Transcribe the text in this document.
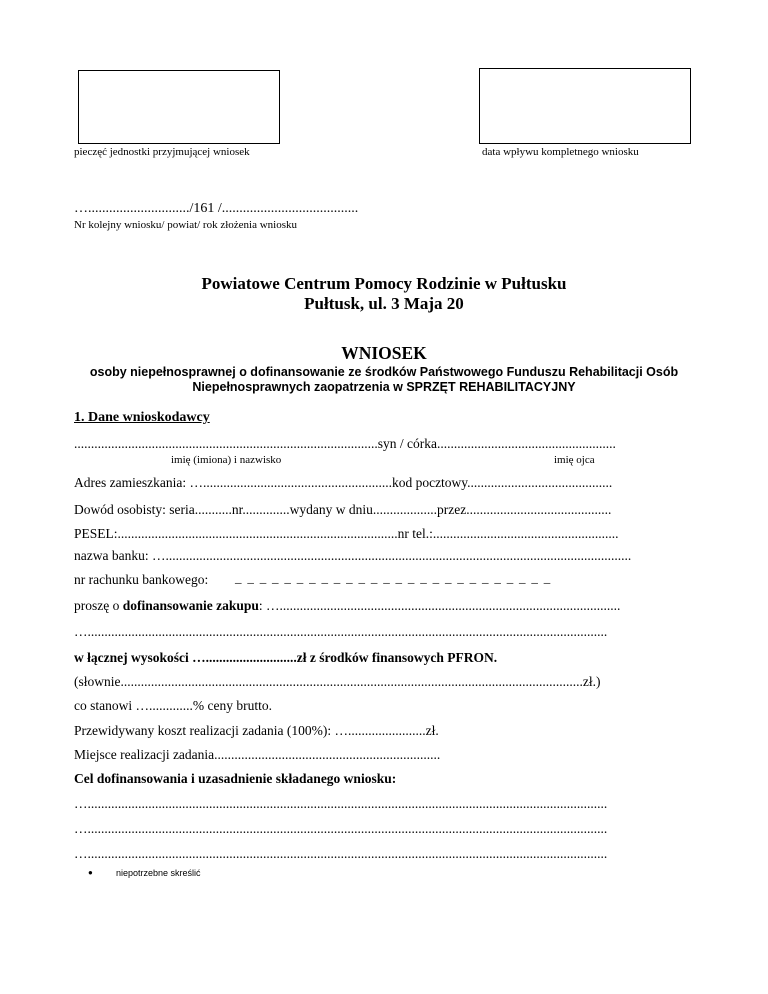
pieczęć jednostki przyjmującej wniosek	data wpływu kompletnego wniosku
…............................./161 /.......................................
Nr kolejny wniosku/ powiat/ rok złożenia wniosku
Powiatowe Centrum Pomocy Rodzinie w Pułtusku
Pułtusk, ul. 3 Maja 20
WNIOSEK
osoby niepełnosprawnej o dofinansowanie ze środków Państwowego Funduszu Rehabilitacji Osób
Niepełnosprawnych zaopatrzenia w SPRZĘT REHABILITACYJNY
1. Dane wnioskodawcy
..........................................................................................syn / córka.....................................................
imię (imiona) i nazwisko	imię ojca
Adres zamieszkania: …........................................................kod pocztowy...........................................
Dowód osobisty: seria...........nr..............wydany w dniu...................przez...........................................
PESEL:...................................................................................nr tel.:.......................................................
nazwa banku: …..........................................................................................................................................
nr rachunku bankowego: _ _ _ _ _ _ _ _ _ _ _ _ _ _ _ _ _ _ _ _ _ _ _ _ _ _
proszę o dofinansowanie zakupu: ….....................................................................................................
…..........................................................................................................................................................
w łącznej wysokości …...........................zł z środków finansowych PFRON.
(słownie.........................................................................................................................................zł.)
co stanowi ….............% ceny brutto.
Przewidywany koszt realizacji zadania (100%): ….......................zł.
Miejsce realizacji zadania...................................................................
Cel dofinansowania i uzasadnienie składanego wniosku:
…..........................................................................................................................................................
…..........................................................................................................................................................
…..........................................................................................................................................................
●	niepotrzebne skreślić
